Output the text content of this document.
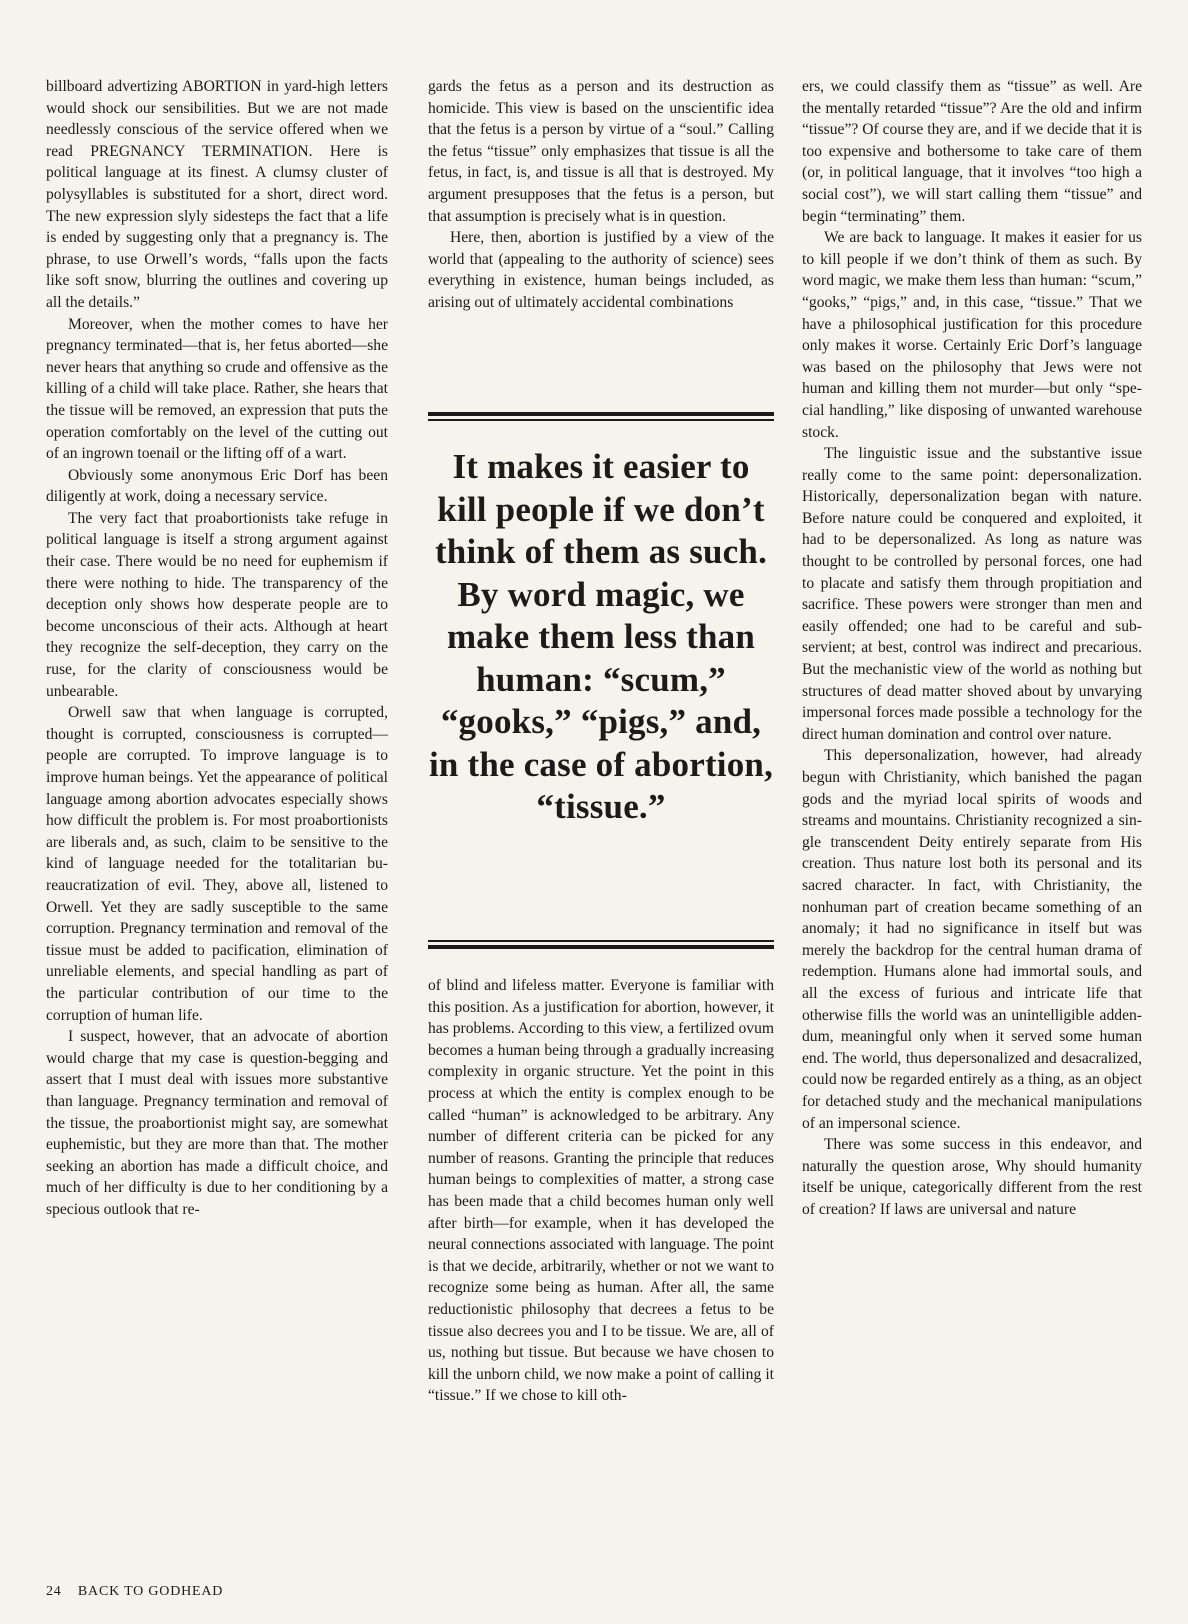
billboard advertizing ABORTION in yard-high letters would shock our sensibilities. But we are not made needlessly conscious of the service offered when we read PREGNANCY TERMINATION. Here is political language at its finest. A clumsy cluster of polysyllables is substituted for a short, direct word. The new expression slyly sidesteps the fact that a life is ended by suggesting only that a pregnancy is. The phrase, to use Orwell’s words, “falls upon the facts like soft snow, blurring the outlines and covering up all the details.”

Moreover, when the mother comes to have her pregnancy terminated—that is, her fetus aborted—she never hears that anything so crude and offensive as the killing of a child will take place. Rather, she hears that the tissue will be removed, an expression that puts the operation comfortably on the level of the cutting out of an ingrown toenail or the lifting off of a wart.

Obviously some anonymous Eric Dorf has been diligently at work, doing a necessary service.

The very fact that proabortionists take refuge in political language is itself a strong argument against their case. There would be no need for euphemism if there were nothing to hide. The transparency of the deception only shows how desperate people are to become unconscious of their acts. Although at heart they recognize the self-deception, they carry on the ruse, for the clarity of consciousness would be unbearable.

Orwell saw that when language is corrupted, thought is corrupted, consciousness is corrupted—people are corrupted. To improve language is to improve human beings. Yet the appearance of political language among abortion advocates especially shows how difficult the problem is. For most proabortionists are liberals and, as such, claim to be sensitive to the kind of language needed for the totalitarian bureaucratization of evil. They, above all, listened to Orwell. Yet they are sadly susceptible to the same corruption. Pregnancy termination and removal of the tissue must be added to pacification, elimination of unreliable elements, and special handling as part of the particular contribution of our time to the corruption of human life.

I suspect, however, that an advocate of abortion would charge that my case is question-begging and assert that I must deal with issues more substantive than language. Pregnancy termination and removal of the tissue, the proabortionist might say, are somewhat euphemistic, but they are more than that. The mother seeking an abortion has made a difficult choice, and much of her difficulty is due to her conditioning by a specious outlook that re-

gards the fetus as a person and its destruction as homicide. This view is based on the unscientific idea that the fetus is a person by virtue of a “soul.” Calling the fetus “tissue” only emphasizes that tissue is all the fetus, in fact, is, and tissue is all that is destroyed. My argument presupposes that the fetus is a person, but that assumption is precisely what is in question.

Here, then, abortion is justified by a view of the world that (appealing to the authority of science) sees everything in existence, human beings included, as arising out of ultimately accidental combinations

It makes it easier to kill people if we don’t think of them as such. By word magic, we make them less than human: “scum,” “gooks,” “pigs,” and, in the case of abortion, “tissue.”

of blind and lifeless matter. Everyone is familiar with this position. As a justification for abortion, however, it has problems. According to this view, a fertilized ovum becomes a human being through a gradually increasing complexity in organic structure. Yet the point in this process at which the entity is complex enough to be called “human” is acknowledged to be arbitrary. Any number of different criteria can be picked for any number of reasons. Granting the principle that reduces human beings to complexities of matter, a strong case has been made that a child becomes human only well after birth—for example, when it has developed the neural connections associated with language. The point is that we decide, arbitrarily, whether or not we want to recognize some being as human. After all, the same reductionistic philosophy that decrees a fetus to be tissue also decrees you and I to be tissue. We are, all of us, nothing but tissue. But because we have chosen to kill the unborn child, we now make a point of calling it “tissue.” If we chose to kill oth-

ers, we could classify them as “tissue” as well. Are the mentally retarded “tissue”? Are the old and infirm “tissue”? Of course they are, and if we decide that it is too expensive and bothersome to take care of them (or, in political language, that it involves “too high a social cost”), we will start calling them “tissue” and begin “terminating” them.

We are back to language. It makes it easier for us to kill people if we don’t think of them as such. By word magic, we make them less than human: “scum,” “gooks,” “pigs,” and, in this case, “tissue.” That we have a philosophical justification for this procedure only makes it worse. Certainly Eric Dorf’s language was based on the philosophy that Jews were not human and killing them not murder—but only “special handling,” like disposing of unwanted warehouse stock.

The linguistic issue and the substantive issue really come to the same point: depersonalization. Historically, depersonalization began with nature. Before nature could be conquered and exploited, it had to be depersonalized. As long as nature was thought to be controlled by personal forces, one had to placate and satisfy them through propitiation and sacrifice. These powers were stronger than men and easily offended; one had to be careful and subservient; at best, control was indirect and precarious. But the mechanistic view of the world as nothing but structures of dead matter shoved about by unvarying impersonal forces made possible a technology for the direct human domination and control over nature.

This depersonalization, however, had already begun with Christianity, which banished the pagan gods and the myriad local spirits of woods and streams and mountains. Christianity recognized a single transcendent Deity entirely separate from His creation. Thus nature lost both its personal and its sacred character. In fact, with Christianity, the nonhuman part of creation became something of an anomaly; it had no significance in itself but was merely the backdrop for the central human drama of redemption. Humans alone had immortal souls, and all the excess of furious and intricate life that otherwise fills the world was an unintelligible addendum, meaningful only when it served some human end. The world, thus depersonalized and desacralized, could now be regarded entirely as a thing, as an object for detached study and the mechanical manipulations of an impersonal science.

There was some success in this endeavor, and naturally the question arose, Why should humanity itself be unique, categorically different from the rest of creation? If laws are universal and nature

24 BACK TO GODHEAD
